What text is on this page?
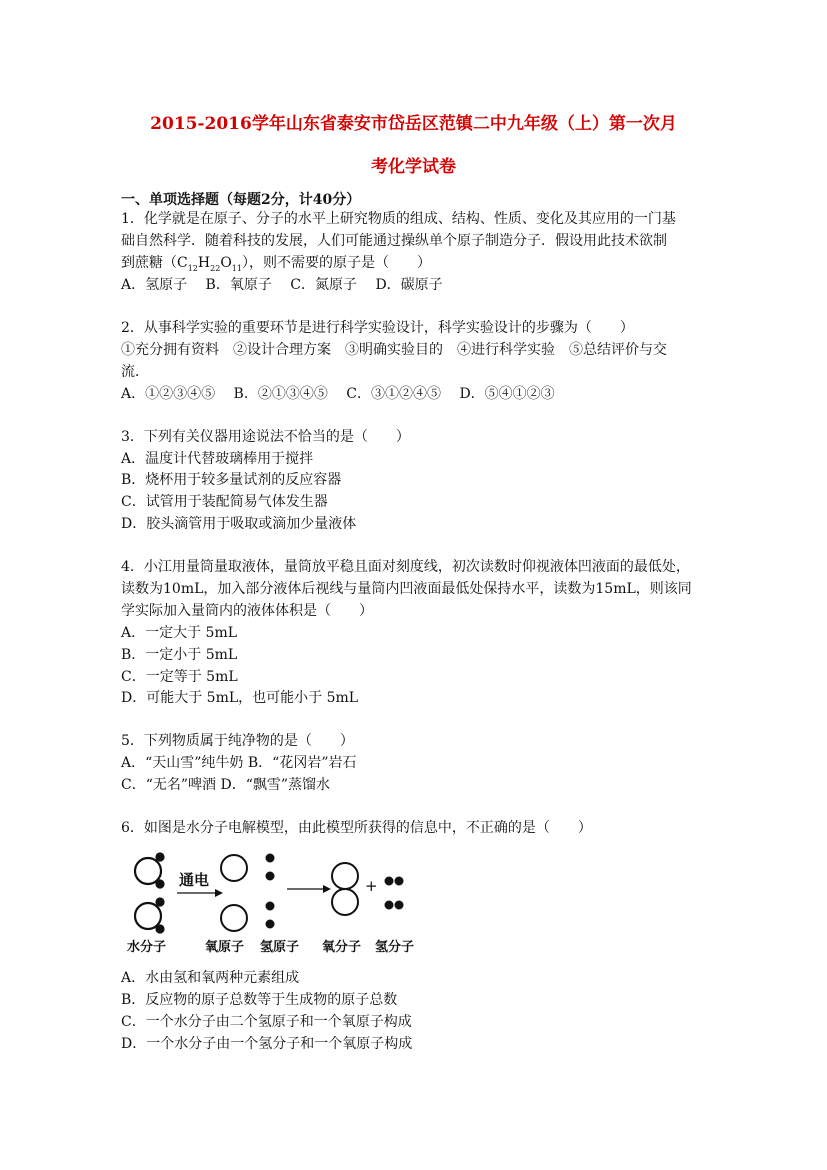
2015-2016学年山东省泰安市岱岳区范镇二中九年级（上）第一次月
考化学试卷
一、单项选择题（每题2分，计40分）
1．化学就是在原子、分子的水平上研究物质的组成、结构、性质、变化及其应用的一门基
础自然科学．随着科技的发展，人们可能通过操纵单个原子制造分子．假设用此技术欲制
到蔗糖$(C_{12}H_{22}O_{11})$，则不需要的原子是（　　）
A．氢原子　 B．氧原子　 C．氮原子　 D．碳原子
2．从事科学实验的重要环节是进行科学实验设计，科学实验设计的步骤为（　　）
①充分拥有资料　②设计合理方案　③明确实验目的　④进行科学实验　⑤总结评价与交
流．
A．①②③④⑤　 B．②①③④⑤　 C．③①②④⑤　 D．⑤④①②③
3．下列有关仪器用途说法不恰当的是（　　）
A．温度计代替玻璃棒用于搅拌
B．烧杯用于较多量试剂的反应容器
C．试管用于装配简易气体发生器
D．胶头滴管用于吸取或滴加少量液体
4．小江用量筒量取液体，量筒放平稳且面对刻度线，初次读数时仰视液体凹液面的最低处，
读数为10mL，加入部分液体后视线与量筒内凹液面最低处保持水平，读数为15mL，则该同
学实际加入量筒内的液体体积是（　　）
A．一定大于 5mL
B．一定小于 5mL
C．一定等于 5mL
D．可能大于 5mL，也可能小于 5mL
5．下列物质属于纯净物的是（　　）
A．“天山雪”纯牛奶 B．“花冈岩”岩石
C．“无名”啤酒 D．“飘雪”蒸馏水
6．如图是水分子电解模型，由此模型所获得的信息中，不正确的是（　　）
通电	+
水分子	氧原子 氢原子 氧分子 氢分子
A．水由氢和氧两种元素组成
B．反应物的原子总数等于生成物的原子总数
C．一个水分子由二个氢原子和一个氧原子构成
D．一个水分子由一个氢分子和一个氧原子构成
